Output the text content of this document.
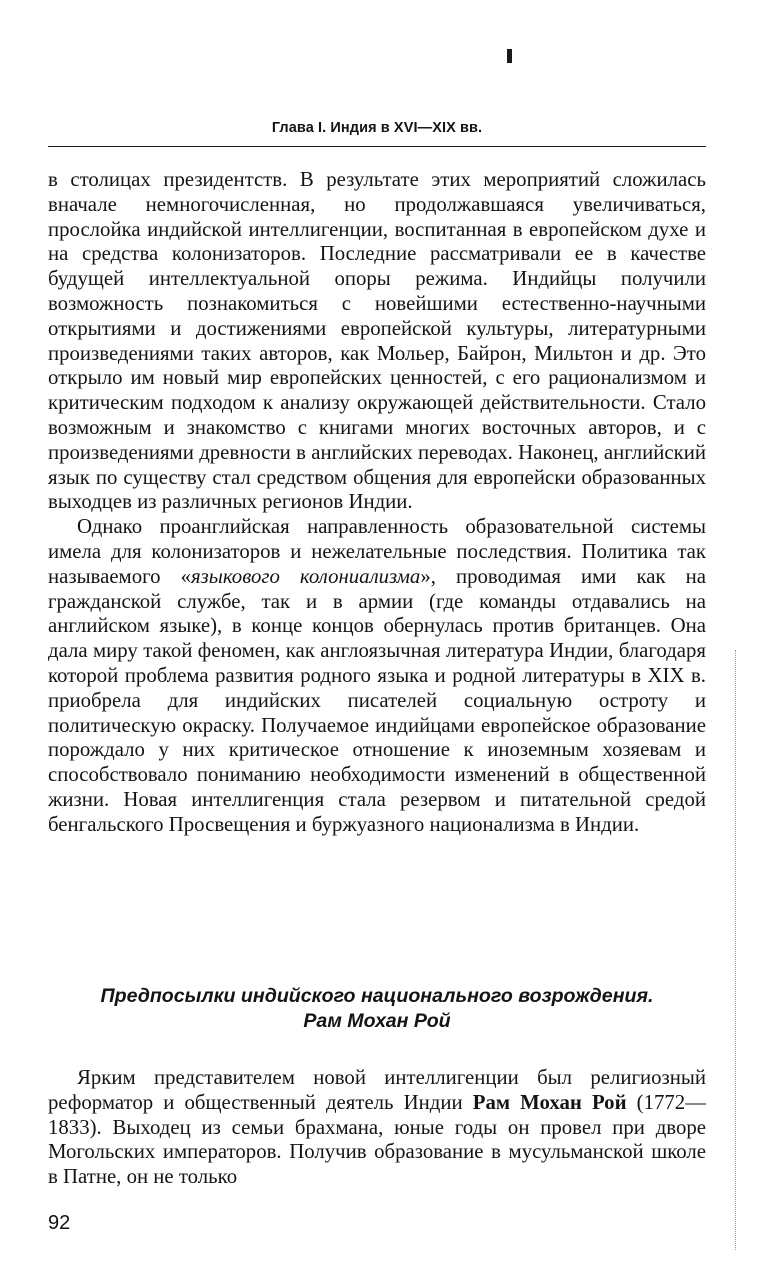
Глава I. Индия в XVI—XIX вв.

в столицах президентств. В результате этих мероприятий сложилась вначале немногочисленная, но продолжавшаяся увеличиваться, прослойка индийской интеллигенции, воспитанная в европейском духе и на средства колонизаторов. Последние рассматривали ее в качестве будущей интеллектуальной опоры режима. Индийцы получили возможность познакомиться с новейшими естественно-научными открытиями и достижениями европейской культуры, литературными произведениями таких авторов, как Мольер, Байрон, Мильтон и др. Это открыло им новый мир европейских ценностей, с его рационализмом и критическим подходом к анализу окружающей действительности. Стало возможным и знакомство с книгами многих восточных авторов, и с произведениями древности в английских переводах. Наконец, английский язык по существу стал средством общения для европейски образованных выходцев из различных регионов Индии.

Однако проанглийская направленность образовательной системы имела для колонизаторов и нежелательные последствия. Политика так называемого «языкового колониализма», проводимая ими как на гражданской службе, так и в армии (где команды отдавались на английском языке), в конце концов обернулась против британцев. Она дала миру такой феномен, как англоязычная литература Индии, благодаря которой проблема развития родного языка и родной литературы в XIX в. приобрела для индийских писателей социальную остроту и политическую окраску. Получаемое индийцами европейское образование порождало у них критическое отношение к иноземным хозяевам и способствовало пониманию необходимости изменений в общественной жизни. Новая интеллигенция стала резервом и питательной средой бенгальского Просвещения и буржуазного национализма в Индии.

Предпосылки индийского национального возрождения.
Рам Мохан Рой

Ярким представителем новой интеллигенции был религиозный реформатор и общественный деятель Индии Рам Мохан Рой (1772—1833). Выходец из семьи брахмана, юные годы он провел при дворе Могольских императоров. Получив образование в мусульманской школе в Патне, он не только

92
